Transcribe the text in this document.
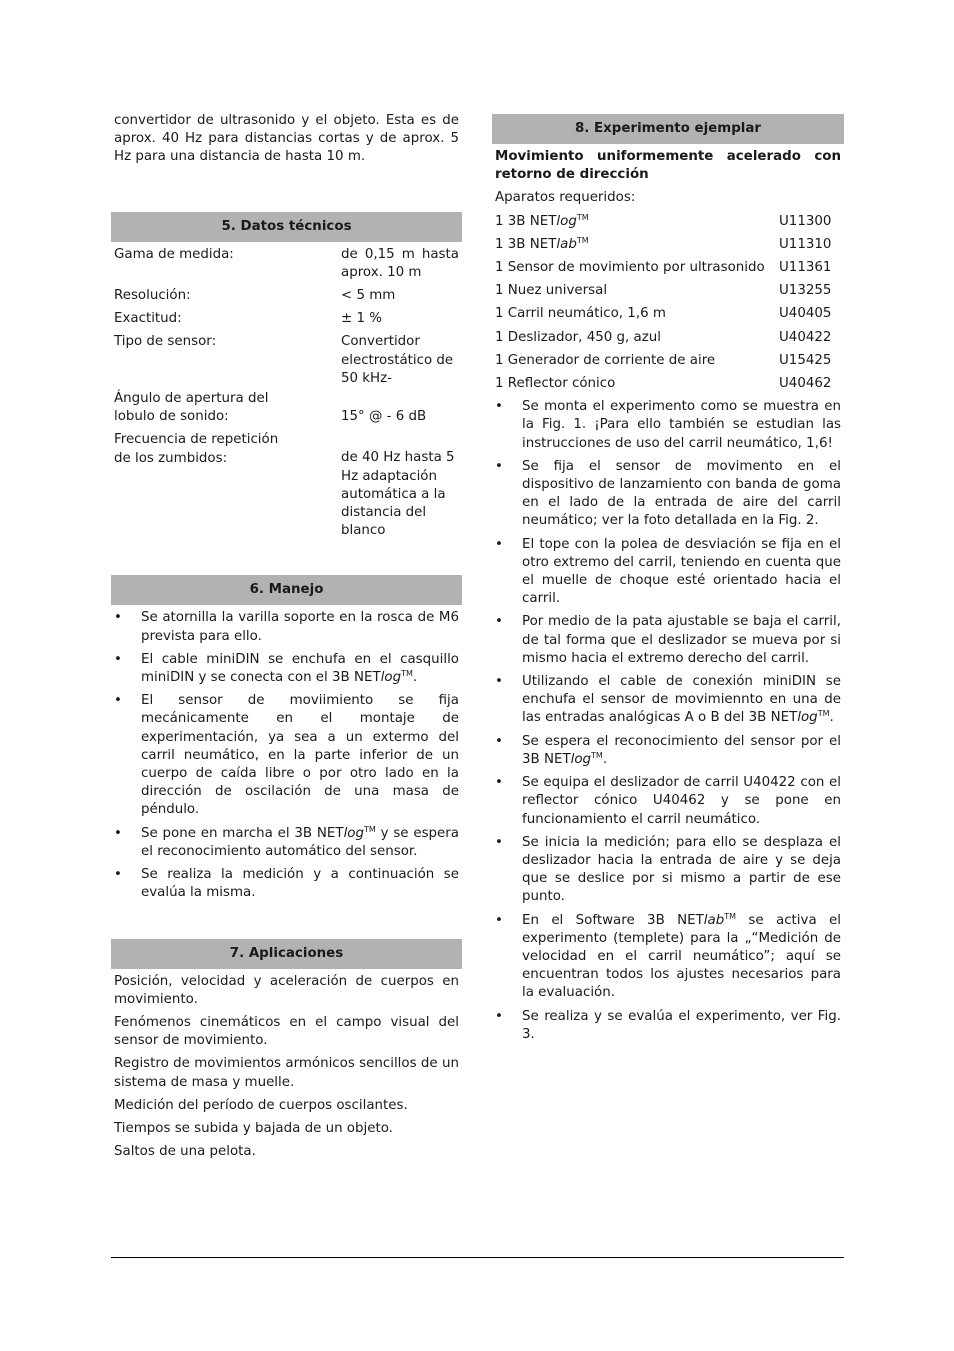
convertidor de ultrasonido y el objeto. Esta es de aprox. 40 Hz para distancias cortas y de aprox. 5 Hz para una distancia de hasta 10 m.

5. Datos técnicos
Gama de medida:	de 0,15 m hasta aprox. 10 m
Resolución:	< 5 mm
Exactitud:	± 1 %
Tipo de sensor:	Convertidor electrostático de 50 kHz-
Ángulo de apertura del lobulo de sonido:	15° @ - 6 dB
Frecuencia de repetición de los zumbidos:	de 40 Hz hasta 5 Hz adaptación automática a la distancia del blanco
6. Manejo
• Se atornilla la varilla soporte en la rosca de M6 prevista para ello.
• El cable miniDIN se enchufa en el casquillo miniDIN y se conecta con el 3B NETlog™.
• El sensor de moviimiento se fija mecánicamente en el montaje de experimentación, ya sea a un extermo del carril neumático, en la parte inferior de un cuerpo de caída libre o por otro lado en la dirección de oscilación de una masa de péndulo.
• Se pone en marcha el 3B NETlog™ y se espera el reconocimiento automático del sensor.
• Se realiza la medición y a continuación se evalúa la misma.
7. Aplicaciones

Posición, velocidad y aceleración de cuerpos en movimiento.

Fenómenos cinemáticos en el campo visual del sensor de movimiento.

Registro de movimientos armónicos sencillos de un sistema de masa y muelle.

Medición del período de cuerpos oscilantes.

Tiempos se subida y bajada de un objeto.

Saltos de una pelota.

8. Experimento ejemplar

Movimiento uniformemente acelerado con retorno de dirección

Aparatos requeridos:

1 3B NETlog™	U11300
1 3B NETlab™	U11310
1 Sensor de movimiento por ultrasonido U11361
1 Nuez universal	U13255
1 Carril neumático, 1,6 m	U40405
1 Deslizador, 450 g, azul	U40422
1 Generador de corriente de aire	U15425
1 Reflector cónico	U40462
• Se monta el experimento como se muestra en la Fig. 1. ¡Para ello también se estudian las instrucciones de uso del carril neumático, 1,6!
• Se fija el sensor de movimento en el dispositivo de lanzamiento con banda de goma en el lado de la entrada de aire del carril neumático; ver la foto detallada en la Fig. 2.
• El tope con la polea de desviación se fija en el otro extremo del carril, teniendo en cuenta que el muelle de choque esté orientado hacia el carril.
• Por medio de la pata ajustable se baja el carril, de tal forma que el deslizador se mueva por si mismo hacia el extremo derecho del carril.
• Utilizando el cable de conexión miniDIN se enchufa el sensor de movimiennto en una de las entradas analógicas A o B del 3B NETlog™.
• Se espera el reconocimiento del sensor por el 3B NETlog™.
• Se equipa el deslizador de carril U40422 con el reflector cónico U40462 y se pone en funcionamiento el carril neumático.
• Se inicia la medición; para ello se desplaza el deslizador hacia la entrada de aire y se deja que se deslice por si mismo a partir de ese punto.
• En el Software 3B NETlab™ se activa el experimento (templete) para la „“Medición de velocidad en el carril neumático”; aquí se encuentran todos los ajustes necesarios para la evaluación.
• Se realiza y se evalúa el experimento, ver Fig. 3.
